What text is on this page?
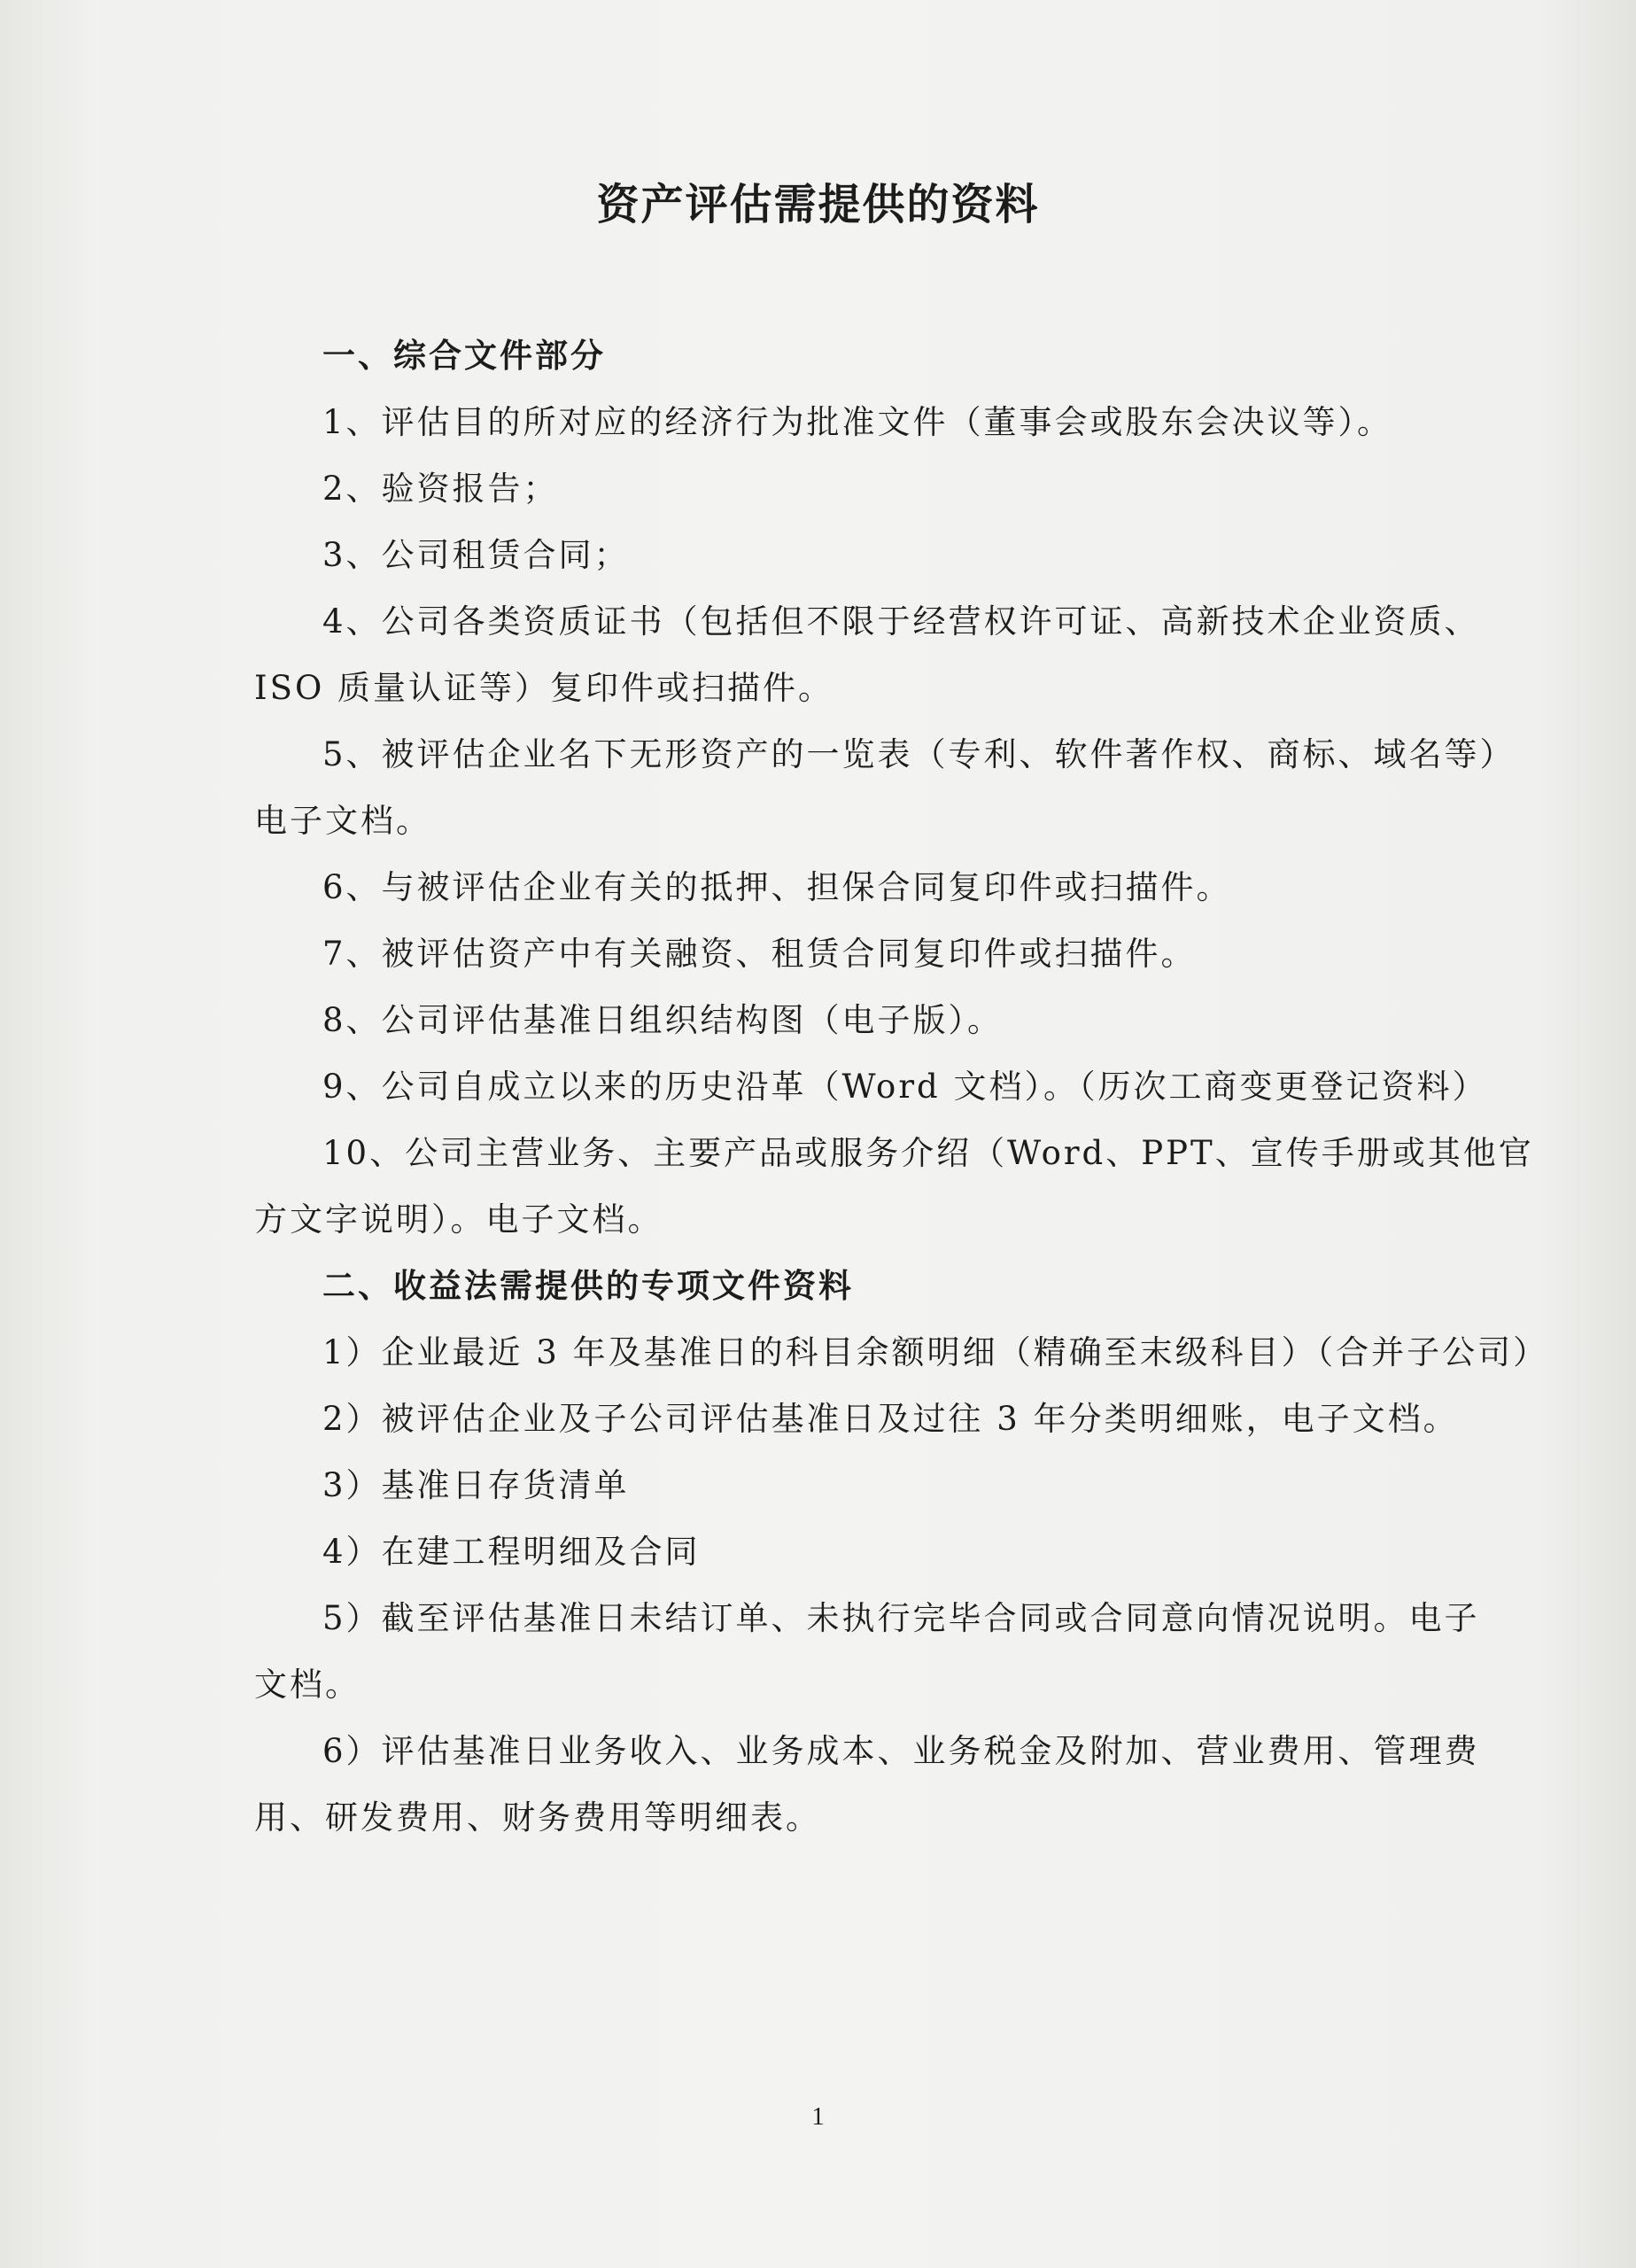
资产评估需提供的资料
一、综合文件部分
1、评估目的所对应的经济行为批准文件（董事会或股东会决议等）。
2、验资报告；
3、公司租赁合同；
4、公司各类资质证书（包括但不限于经营权许可证、高新技术企业资质、
ISO 质量认证等）复印件或扫描件。
5、被评估企业名下无形资产的一览表（专利、软件著作权、商标、域名等）
电子文档。
6、与被评估企业有关的抵押、担保合同复印件或扫描件。
7、被评估资产中有关融资、租赁合同复印件或扫描件。
8、公司评估基准日组织结构图（电子版）。
9、公司自成立以来的历史沿革（Word 文档）。（历次工商变更登记资料）
10、公司主营业务、主要产品或服务介绍（Word、PPT、宣传手册或其他官
方文字说明）。电子文档。
二、收益法需提供的专项文件资料
1）企业最近 3 年及基准日的科目余额明细（精确至末级科目）（合并子公司）
2）被评估企业及子公司评估基准日及过往 3 年分类明细账，电子文档。
3）基准日存货清单
4）在建工程明细及合同
5）截至评估基准日未结订单、未执行完毕合同或合同意向情况说明。电子
文档。
6）评估基准日业务收入、业务成本、业务税金及附加、营业费用、管理费
用、研发费用、财务费用等明细表。
1
